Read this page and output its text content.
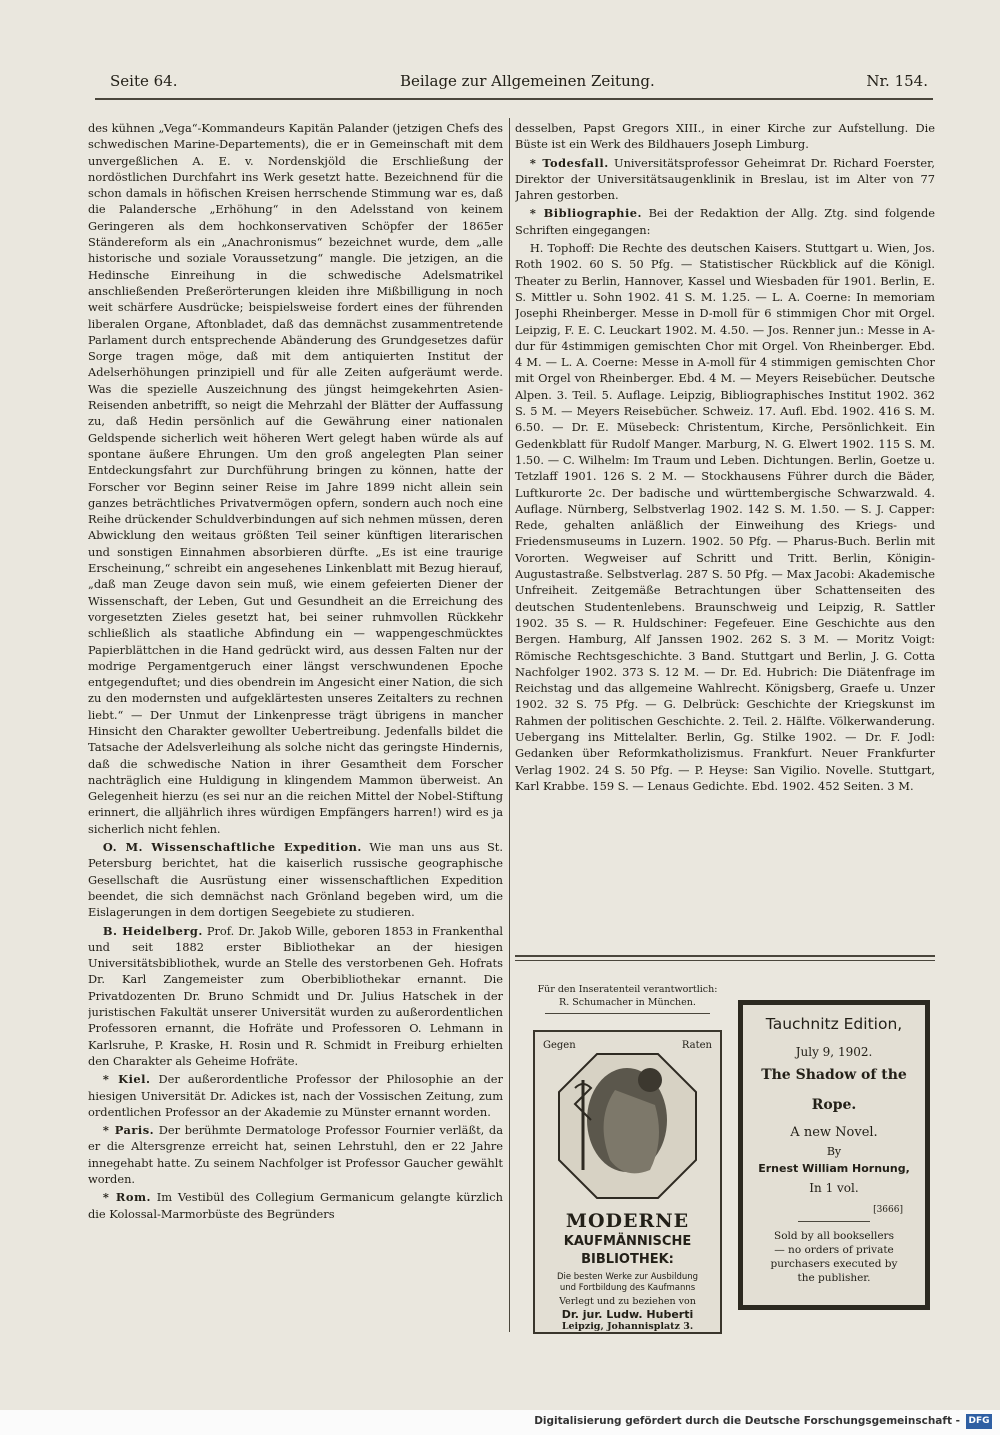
Seite 64.	Beilage zur Allgemeinen Zeitung.	Nr. 154.

des kühnen „Vega“-Kommandeurs Kapitän Palander (jetzigen Chefs des schwedischen Marine-Departements), die er in Gemeinschaft mit dem unvergeßlichen A. E. v. Nordenskjöld die Erschließung der nordöstlichen Durchfahrt ins Werk gesetzt hatte. Bezeichnend für die schon damals in höfischen Kreisen herrschende Stimmung war es, daß die Palandersche „Erhöhung“ in den Adelsstand von keinem Geringeren als dem hochkonservativen Schöpfer der 1865er Ständereform als ein „Anachronismus“ bezeichnet wurde, dem „alle historische und soziale Voraussetzung“ mangle. Die jetzigen, an die Hedinsche Einreihung in die schwedische Adelsmatrikel anschließenden Preßerörterungen kleiden ihre Mißbilligung in noch weit schärfere Ausdrücke; beispielsweise fordert eines der führenden liberalen Organe, Aftonbladet, daß das demnächst zusammentretende Parlament durch entsprechende Abänderung des Grundgesetzes dafür Sorge tragen möge, daß mit dem antiquierten Institut der Adelserhöhungen prinzipiell und für alle Zeiten aufgeräumt werde. Was die spezielle Auszeichnung des jüngst heimgekehrten Asien-Reisenden anbetrifft, so neigt die Mehrzahl der Blätter der Auffassung zu, daß Hedin persönlich auf die Gewährung einer nationalen Geldspende sicherlich weit höheren Wert gelegt haben würde als auf spontane äußere Ehrungen. Um den groß angelegten Plan seiner Entdeckungsfahrt zur Durchführung bringen zu können, hatte der Forscher vor Beginn seiner Reise im Jahre 1899 nicht allein sein ganzes beträchtliches Privatvermögen opfern, sondern auch noch eine Reihe drückender Schuldverbindungen auf sich nehmen müssen, deren Abwicklung den weitaus größten Teil seiner künftigen literarischen und sonstigen Einnahmen absorbieren dürfte. „Es ist eine traurige Erscheinung,“ schreibt ein angesehenes Linkenblatt mit Bezug hierauf, „daß man Zeuge davon sein muß, wie einem gefeierten Diener der Wissenschaft, der Leben, Gut und Gesundheit an die Erreichung des vorgesetzten Zieles gesetzt hat, bei seiner ruhmvollen Rückkehr schließlich als staatliche Abfindung ein — wappengeschmücktes Papierblättchen in die Hand gedrückt wird, aus dessen Falten nur der modrige Pergamentgeruch einer längst verschwundenen Epoche entgegenduftet; und dies obendrein im Angesicht einer Nation, die sich zu den modernsten und aufgeklärtesten unseres Zeitalters zu rechnen liebt.“ — Der Unmut der Linkenpresse trägt übrigens in mancher Hinsicht den Charakter gewollter Uebertreibung. Jedenfalls bildet die Tatsache der Adelsverleihung als solche nicht das geringste Hindernis, daß die schwedische Nation in ihrer Gesamtheit dem Forscher nachträglich eine Huldigung in klingendem Mammon überweist. An Gelegenheit hierzu (es sei nur an die reichen Mittel der Nobel-Stiftung erinnert, die alljährlich ihres würdigen Empfängers harren!) wird es ja sicherlich nicht fehlen.

O. M. Wissenschaftliche Expedition. Wie man uns aus St. Petersburg berichtet, hat die kaiserlich russische geographische Gesellschaft die Ausrüstung einer wissenschaftlichen Expedition beendet, die sich demnächst nach Grönland begeben wird, um die Eislagerungen in dem dortigen Seegebiete zu studieren.

B. Heidelberg. Prof. Dr. Jakob Wille, geboren 1853 in Frankenthal und seit 1882 erster Bibliothekar an der hiesigen Universitätsbibliothek, wurde an Stelle des verstorbenen Geh. Hofrats Dr. Karl Zangemeister zum Oberbibliothekar ernannt. Die Privatdozenten Dr. Bruno Schmidt und Dr. Julius Hatschek in der juristischen Fakultät unserer Universität wurden zu außerordentlichen Professoren ernannt, die Hofräte und Professoren O. Lehmann in Karlsruhe, P. Kraske, H. Rosin und R. Schmidt in Freiburg erhielten den Charakter als Geheime Hofräte.

* Kiel. Der außerordentliche Professor der Philosophie an der hiesigen Universität Dr. Adickes ist, nach der Vossischen Zeitung, zum ordentlichen Professor an der Akademie zu Münster ernannt worden.

* Paris. Der berühmte Dermatologe Professor Fournier verläßt, da er die Altersgrenze erreicht hat, seinen Lehrstuhl, den er 22 Jahre innegehabt hatte. Zu seinem Nachfolger ist Professor Gaucher gewählt worden.

* Rom. Im Vestibül des Collegium Germanicum gelangte kürzlich die Kolossal-Marmorbüste des Begründers

desselben, Papst Gregors XIII., in einer Kirche zur Aufstellung. Die Büste ist ein Werk des Bildhauers Joseph Limburg.

* Todesfall. Universitätsprofessor Geheimrat Dr. Richard Foerster, Direktor der Universitätsaugenklinik in Breslau, ist im Alter von 77 Jahren gestorben.

* Bibliographie. Bei der Redaktion der Allg. Ztg. sind folgende Schriften eingegangen:

H. Tophoff: Die Rechte des deutschen Kaisers. Stuttgart u. Wien, Jos. Roth 1902. 60 S. 50 Pfg. — Statistischer Rückblick auf die Königl. Theater zu Berlin, Hannover, Kassel und Wiesbaden für 1901. Berlin, E. S. Mittler u. Sohn 1902. 41 S. M. 1.25. — L. A. Coerne: In memoriam Josephi Rheinberger. Messe in D-moll für 6 stimmigen Chor mit Orgel. Leipzig, F. E. C. Leuckart 1902. M. 4.50. — Jos. Renner jun.: Messe in A-dur für 4stimmigen gemischten Chor mit Orgel. Von Rheinberger. Ebd. 4 M. — L. A. Coerne: Messe in A-moll für 4 stimmigen gemischten Chor mit Orgel von Rheinberger. Ebd. 4 M. — Meyers Reisebücher. Deutsche Alpen. 3. Teil. 5. Auflage. Leipzig, Bibliographisches Institut 1902. 362 S. 5 M. — Meyers Reisebücher. Schweiz. 17. Aufl. Ebd. 1902. 416 S. M. 6.50. — Dr. E. Müsebeck: Christentum, Kirche, Persönlichkeit. Ein Gedenkblatt für Rudolf Manger. Marburg, N. G. Elwert 1902. 115 S. M. 1.50. — C. Wilhelm: Im Traum und Leben. Dichtungen. Berlin, Goetze u. Tetzlaff 1901. 126 S. 2 M. — Stockhausens Führer durch die Bäder, Luftkurorte 2c. Der badische und württembergische Schwarzwald. 4. Auflage. Nürnberg, Selbstverlag 1902. 142 S. M. 1.50. — S. J. Capper: Rede, gehalten anläßlich der Einweihung des Kriegs- und Friedensmuseums in Luzern. 1902. 50 Pfg. — Pharus-Buch. Berlin mit Vororten. Wegweiser auf Schritt und Tritt. Berlin, Königin-Augustastraße. Selbstverlag. 287 S. 50 Pfg. — Max Jacobi: Akademische Unfreiheit. Zeitgemäße Betrachtungen über Schattenseiten des deutschen Studentenlebens. Braunschweig und Leipzig, R. Sattler 1902. 35 S. — R. Huldschiner: Fegefeuer. Eine Geschichte aus den Bergen. Hamburg, Alf Janssen 1902. 262 S. 3 M. — Moritz Voigt: Römische Rechtsgeschichte. 3 Band. Stuttgart und Berlin, J. G. Cotta Nachfolger 1902. 373 S. 12 M. — Dr. Ed. Hubrich: Die Diätenfrage im Reichstag und das allgemeine Wahlrecht. Königsberg, Graefe u. Unzer 1902. 32 S. 75 Pfg. — G. Delbrück: Geschichte der Kriegskunst im Rahmen der politischen Geschichte. 2. Teil. 2. Hälfte. Völkerwanderung. Uebergang ins Mittelalter. Berlin, Gg. Stilke 1902. — Dr. F. Jodl: Gedanken über Reformkatholizismus. Frankfurt. Neuer Frankfurter Verlag 1902. 24 S. 50 Pfg. — P. Heyse: San Vigilio. Novelle. Stuttgart, Karl Krabbe. 159 S. — Lenaus Gedichte. Ebd. 1902. 452 Seiten. 3 M.

Für den Inseratenteil verantwortlich:
R. Schumacher in München.
Gegen	Raten
MODERNE
KAUFMÄNNISCHE
BIBLIOTHEK:
Die besten Werke zur Ausbildung
und Fortbildung des Kaufmanns
Verlegt und zu beziehen von
Dr. jur. Ludw. Huberti
Leipzig, Johannisplatz 3.
Tauchnitz Edition,
July 9, 1902.
The Shadow of the
Rope.
A new Novel.
By
Ernest William Hornung,
In 1 vol.
[3666]
Sold by all booksellers
— no orders of private
purchasers executed by
the publisher.
Digitalisierung gefördert durch die Deutsche Forschungsgemeinschaft - DFG
